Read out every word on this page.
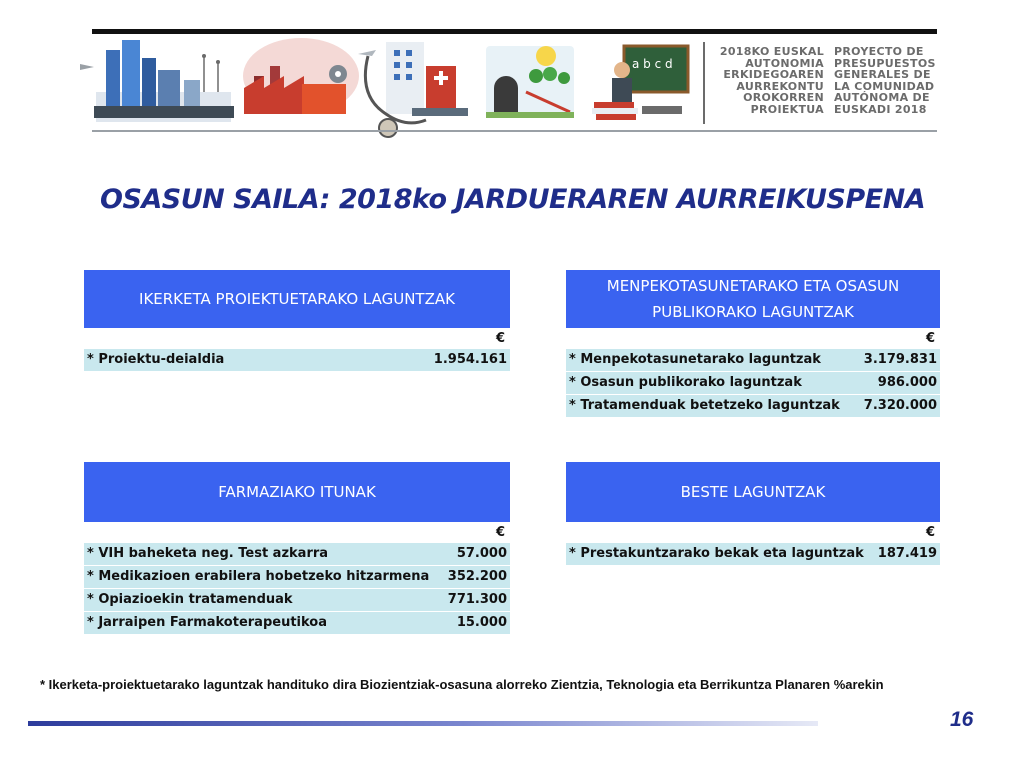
a b c d
2018KO EUSKAL
AUTONOMIA
ERKIDEGOAREN
AURREKONTU
OROKORREN
PROIEKTUA
PROYECTO DE
PRESUPUESTOS
GENERALES DE
LA COMUNIDAD
AUTÓNOMA DE
EUSKADI 2018
OSASUN SAILA: 2018ko JARDUERAREN AURREIKUSPENA
IKERKETA PROIEKTUETARAKO LAGUNTZAK
€
* Proiektu-deialdia	1.954.161
MENPEKOTASUNETARAKO ETA OSASUN PUBLIKORAKO LAGUNTZAK
€
* Menpekotasunetarako laguntzak	3.179.831
* Osasun publikorako laguntzak	986.000
* Tratamenduak betetzeko laguntzak 7.320.000
FARMAZIAKO ITUNAK
€
* VIH baheketa neg. Test azkarra	57.000
* Medikazioen erabilera hobetzeko hitzarmena 352.200
* Opiazioekin tratamenduak	771.300
* Jarraipen Farmakoterapeutikoa	15.000
BESTE LAGUNTZAK
€
* Prestakuntzarako bekak eta laguntzak 187.419
* Ikerketa-proiektuetarako laguntzak handituko dira Biozientziak-osasuna alorreko Zientzia, Teknologia eta Berrikuntza Planaren %arekin
16
